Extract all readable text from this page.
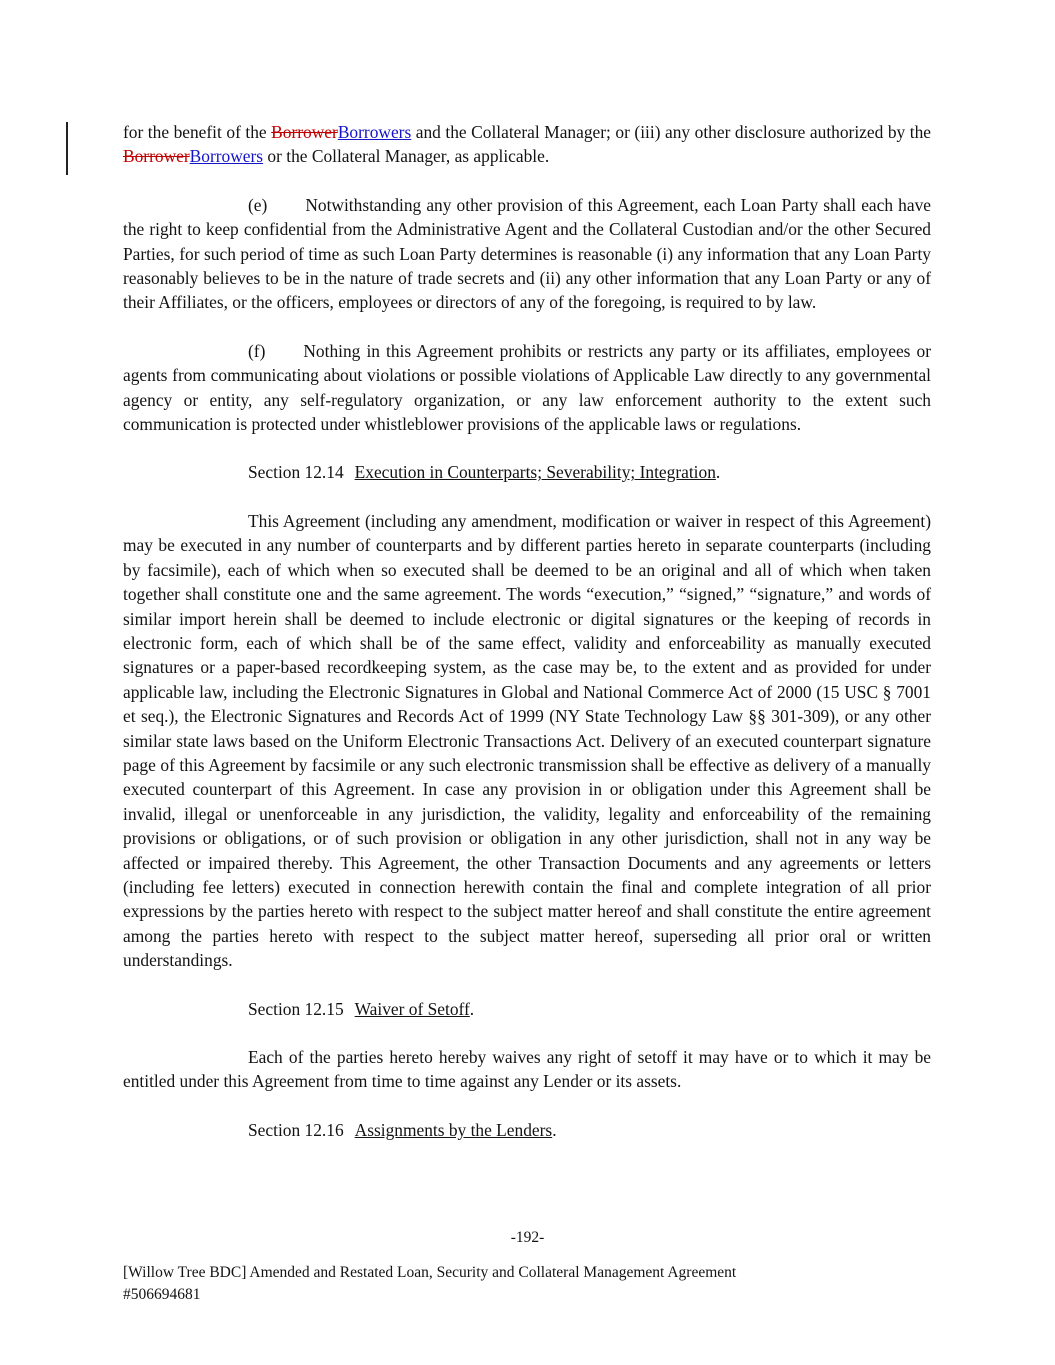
for the benefit of the BorrowerBorrowers and the Collateral Manager; or (iii) any other disclosure authorized by the BorrowerBorrowers or the Collateral Manager, as applicable.

(e) Notwithstanding any other provision of this Agreement, each Loan Party shall each have the right to keep confidential from the Administrative Agent and the Collateral Custodian and/or the other Secured Parties, for such period of time as such Loan Party determines is reasonable (i) any information that any Loan Party reasonably believes to be in the nature of trade secrets and (ii) any other information that any Loan Party or any of their Affiliates, or the officers, employees or directors of any of the foregoing, is required to by law.

(f) Nothing in this Agreement prohibits or restricts any party or its affiliates, employees or agents from communicating about violations or possible violations of Applicable Law directly to any governmental agency or entity, any self-regulatory organization, or any law enforcement authority to the extent such communication is protected under whistleblower provisions of the applicable laws or regulations.

Section 12.14 Execution in Counterparts; Severability; Integration.

This Agreement (including any amendment, modification or waiver in respect of this Agreement) may be executed in any number of counterparts and by different parties hereto in separate counterparts (including by facsimile), each of which when so executed shall be deemed to be an original and all of which when taken together shall constitute one and the same agreement. The words “execution,” “signed,” “signature,” and words of similar import herein shall be deemed to include electronic or digital signatures or the keeping of records in electronic form, each of which shall be of the same effect, validity and enforceability as manually executed signatures or a paper-based recordkeeping system, as the case may be, to the extent and as provided for under applicable law, including the Electronic Signatures in Global and National Commerce Act of 2000 (15 USC § 7001 et seq.), the Electronic Signatures and Records Act of 1999 (NY State Technology Law §§ 301-309), or any other similar state laws based on the Uniform Electronic Transactions Act. Delivery of an executed counterpart signature page of this Agreement by facsimile or any such electronic transmission shall be effective as delivery of a manually executed counterpart of this Agreement. In case any provision in or obligation under this Agreement shall be invalid, illegal or unenforceable in any jurisdiction, the validity, legality and enforceability of the remaining provisions or obligations, or of such provision or obligation in any other jurisdiction, shall not in any way be affected or impaired thereby. This Agreement, the other Transaction Documents and any agreements or letters (including fee letters) executed in connection herewith contain the final and complete integration of all prior expressions by the parties hereto with respect to the subject matter hereof and shall constitute the entire agreement among the parties hereto with respect to the subject matter hereof, superseding all prior oral or written understandings.

Section 12.15 Waiver of Setoff.

Each of the parties hereto hereby waives any right of setoff it may have or to which it may be entitled under this Agreement from time to time against any Lender or its assets.

Section 12.16 Assignments by the Lenders.

-192-
[Willow Tree BDC] Amended and Restated Loan, Security and Collateral Management Agreement
#506694681
